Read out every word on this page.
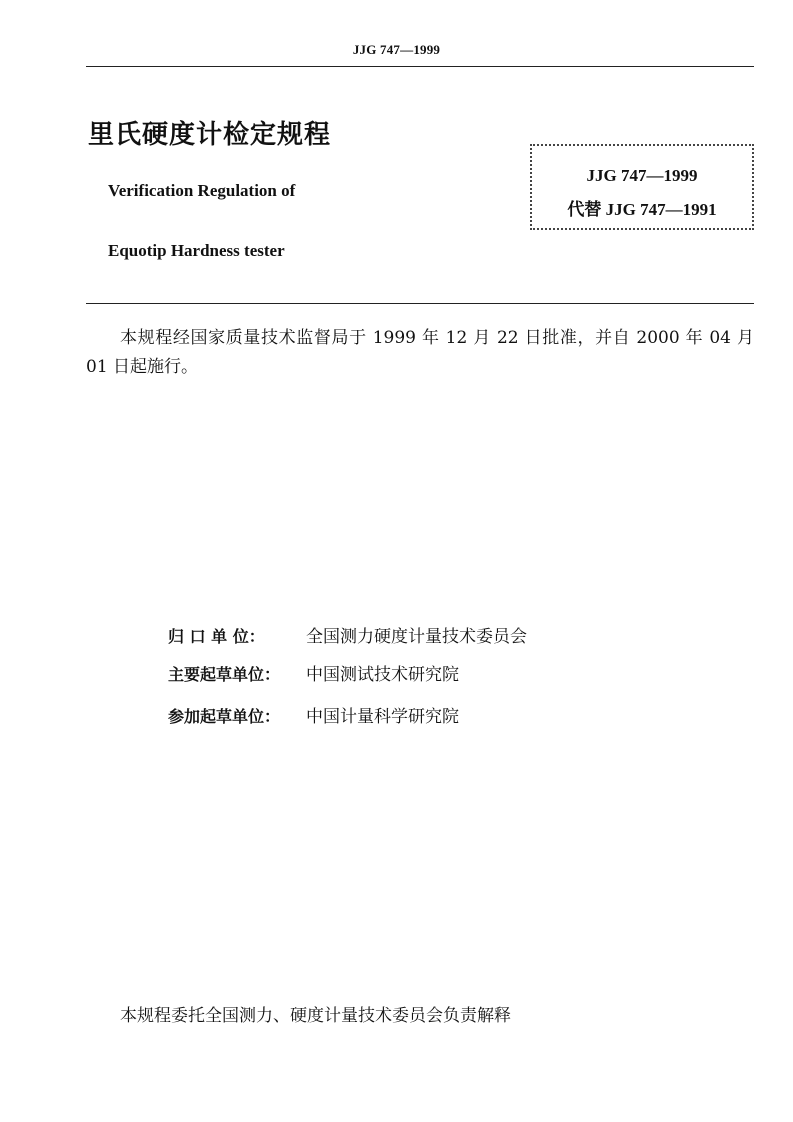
JJG 747—1999
里氏硬度计检定规程
Verification Regulation of
Equotip Hardness tester
JJG 747—1999
代替 JJG 747—1991

本规程经国家质量技术监督局于 1999 年 12 月 22 日批准，并自 2000 年 04 月 01 日起施行。

归 口 单 位：	全国测力硬度计量技术委员会
主要起草单位：	中国测试技术研究院
参加起草单位：	中国计量科学研究院
本规程委托全国测力、硬度计量技术委员会负责解释
